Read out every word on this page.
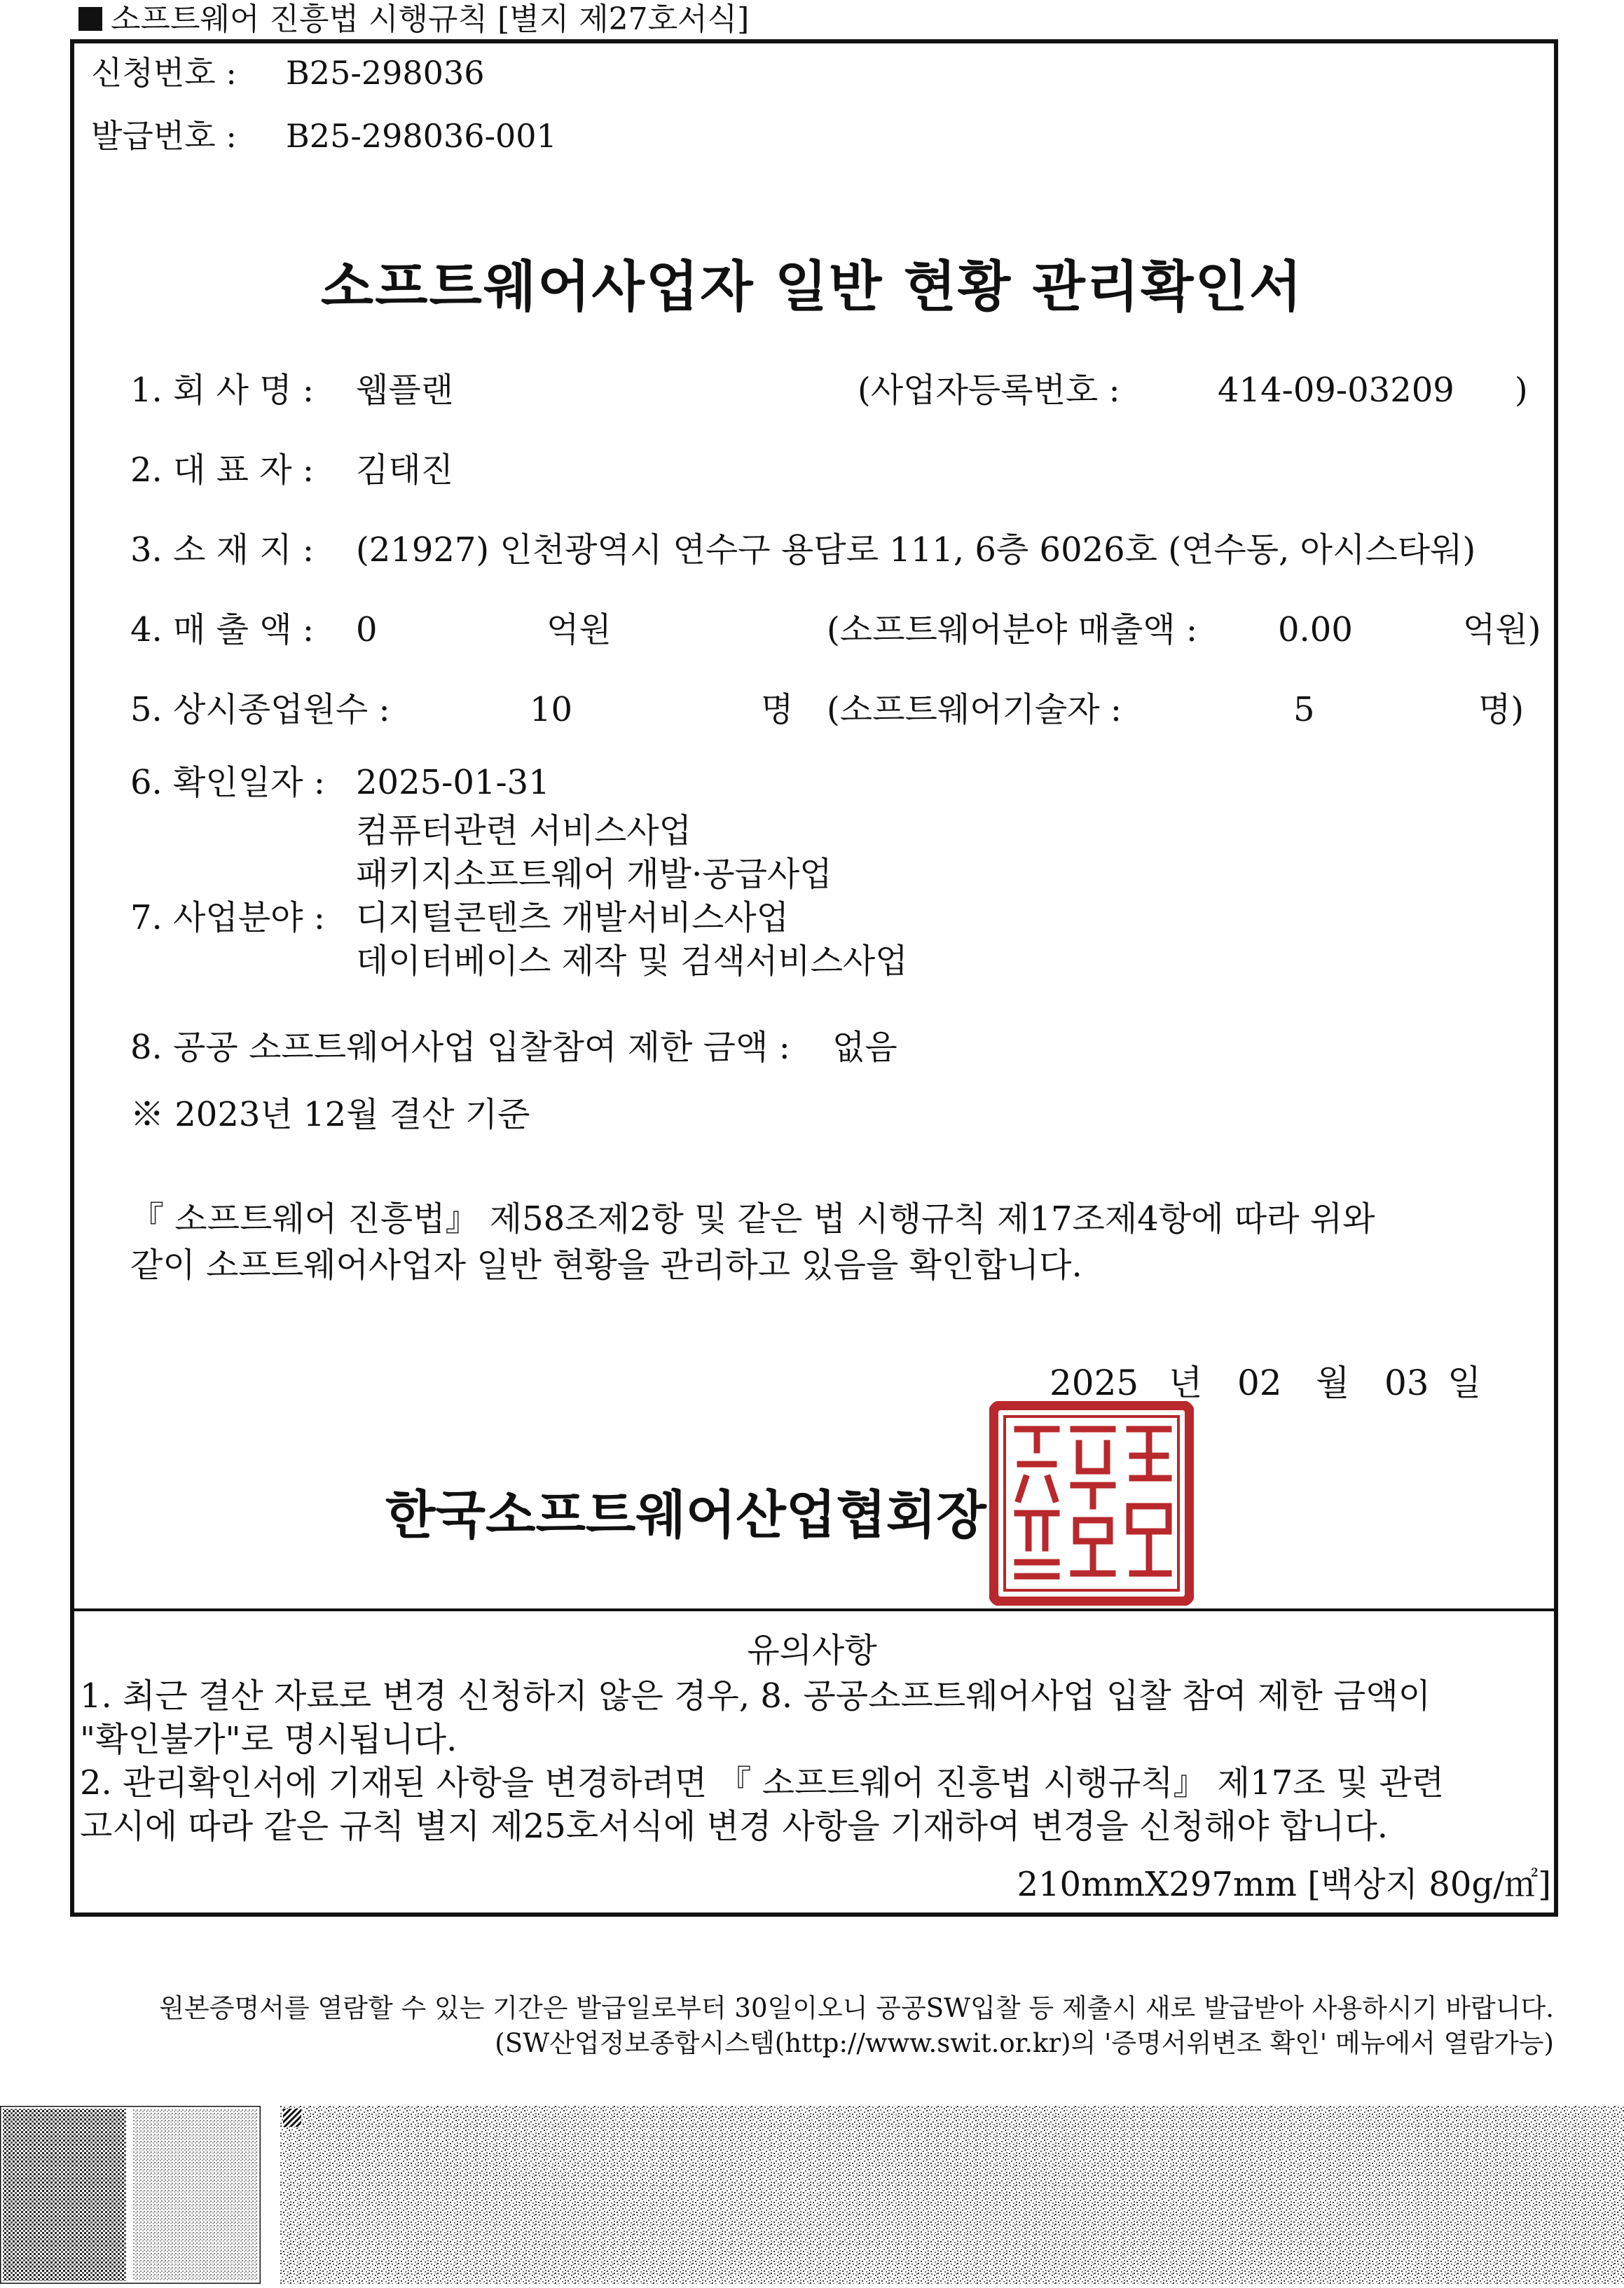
소프트웨어 진흥법 시행규칙 [별지 제27호서식]
신청번호 : B25-298036
발급번호 : B25-298036-001
소프트웨어사업자 일반 현황 관리확인서
1. 회 사 명 : 웹플랜	(사업자등록번호 :	414-09-03209 )
2. 대 표 자 : 김태진
3. 소 재 지 : (21927) 인천광역시 연수구 용담로 111, 6층 6026호 (연수동, 아시스타워)
4. 매 출 액 : 0	억원	(소프트웨어분야 매출액 : 0.00	억원)
5. 상시종업원수 :	10	명 (소프트웨어기술자 :	5	명)
6. 확인일자 : 2025-01-31
컴퓨터관련 서비스사업
패키지소프트웨어 개발·공급사업
7. 사업분야 : 디지털콘텐츠 개발서비스사업
데이터베이스 제작 및 검색서비스사업
8. 공공 소프트웨어사업 입찰참여 제한 금액 : 없음
※ 2023년 12월 결산 기준
『 소프트웨어 진흥법』 제58조제2항 및 같은 법 시행규칙 제17조제4항에 따라 위와
같이 소프트웨어사업자 일반 현황을 관리하고 있음을 확인합니다.
2025 년 02 월 03 일
한국소프트웨어산업협회장
유의사항
1. 최근 결산 자료로 변경 신청하지 않은 경우, 8. 공공소프트웨어사업 입찰 참여 제한 금액이
"확인불가"로 명시됩니다.
2. 관리확인서에 기재된 사항을 변경하려면 『 소프트웨어 진흥법 시행규칙』 제17조 및 관련
고시에 따라 같은 규칙 별지 제25호서식에 변경 사항을 기재하여 변경을 신청해야 합니다.
210mmX297mm [백상지 80g/㎡]
원본증명서를 열람할 수 있는 기간은 발급일로부터 30일이오니 공공SW입찰 등 제출시 새로 발급받아 사용하시기 바랍니다.
(SW산업정보종합시스템(http://www.swit.or.kr)의 '증명서위변조 확인' 메뉴에서 열람가능)
